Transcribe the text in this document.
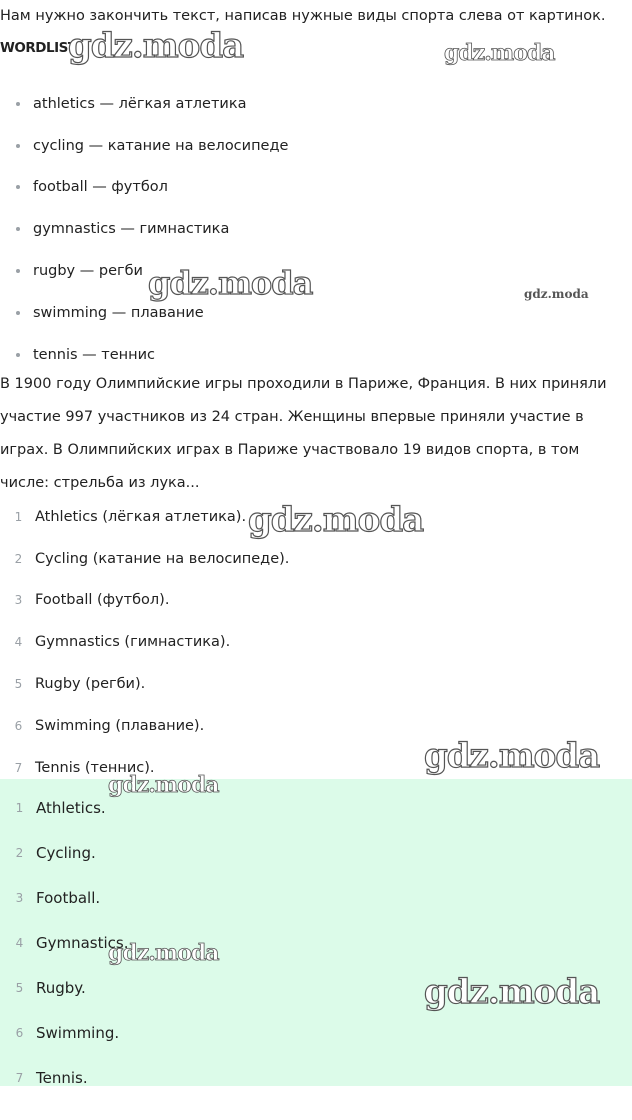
Нам нужно закончить текст, написав нужные виды спорта слева от картинок.
WORDLIST
athletics — лёгкая атлетика
cycling — катание на велосипеде
football — футбол
gymnastics — гимнастика
rugby — регби
swimming — плавание
tennis — теннис

В 1900 году Олимпийские игры проходили в Париже, Франция. В них приняли участие 997 участников из 24 стран. Женщины впервые приняли участие в играх. В Олимпийских играх в Париже участвовало 19 видов спорта, в том числе: стрельба из лука...

1 Athletics (лёгкая атлетика).
2 Cycling (катание на велосипеде).
3 Football (футбол).
4 Gymnastics (гимнастика).
5 Rugby (регби).
6 Swimming (плавание).
7 Tennis (теннис).
1 Athletics.
2 Cycling.
3 Football.
4 Gymnastics.
5 Rugby.
6 Swimming.
7 Tennis.
gdz.moda	gdz.moda
gdz.moda	gdz.moda
gdz.moda
gdz.moda
gdz.moda
gdz.moda
gdz.moda
